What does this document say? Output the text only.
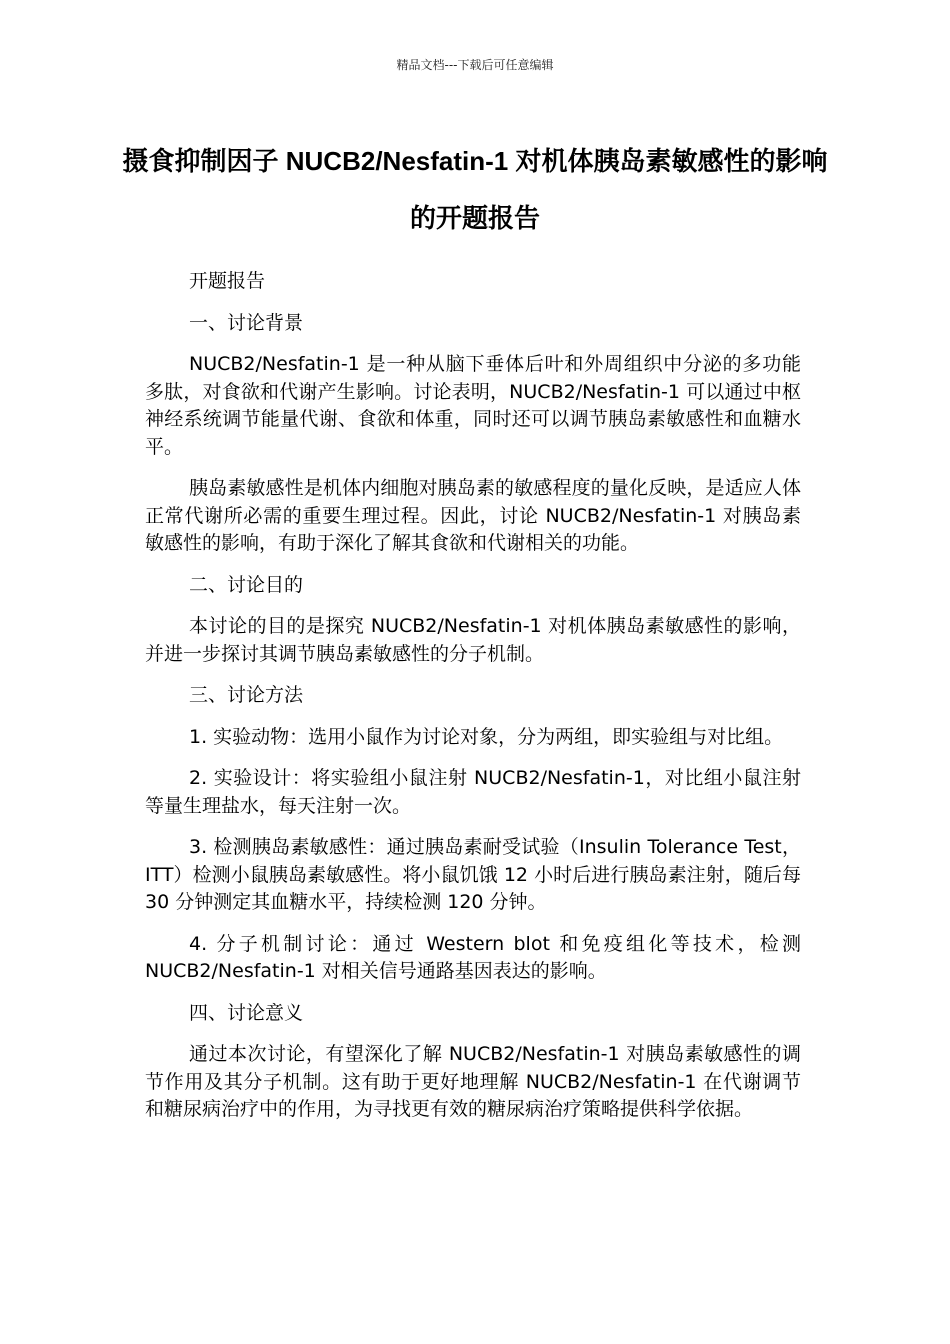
精品文档---下载后可任意编辑
摄食抑制因子 NUCB2/Nesfatin-1 对机体胰岛素敏感性的影响的开题报告

开题报告

一、讨论背景

NUCB2/Nesfatin-1 是一种从脑下垂体后叶和外周组织中分泌的多功能多肽，对食欲和代谢产生影响。讨论表明，NUCB2/Nesfatin-1 可以通过中枢神经系统调节能量代谢、食欲和体重，同时还可以调节胰岛素敏感性和血糖水平。

胰岛素敏感性是机体内细胞对胰岛素的敏感程度的量化反映，是适应人体正常代谢所必需的重要生理过程。因此，讨论 NUCB2/Nesfatin-1 对胰岛素敏感性的影响，有助于深化了解其食欲和代谢相关的功能。

二、讨论目的

本讨论的目的是探究 NUCB2/Nesfatin-1 对机体胰岛素敏感性的影响，并进一步探讨其调节胰岛素敏感性的分子机制。

三、讨论方法

1. 实验动物：选用小鼠作为讨论对象，分为两组，即实验组与对比组。

2. 实验设计：将实验组小鼠注射 NUCB2/Nesfatin-1，对比组小鼠注射等量生理盐水，每天注射一次。

3. 检测胰岛素敏感性：通过胰岛素耐受试验（Insulin Tolerance Test，ITT）检测小鼠胰岛素敏感性。将小鼠饥饿 12 小时后进行胰岛素注射，随后每 30 分钟测定其血糖水平，持续检测 120 分钟。

4. 分子机制讨论：通过 Western blot 和免疫组化等技术，检测 NUCB2/Nesfatin-1 对相关信号通路基因表达的影响。

四、讨论意义

通过本次讨论，有望深化了解 NUCB2/Nesfatin-1 对胰岛素敏感性的调节作用及其分子机制。这有助于更好地理解 NUCB2/Nesfatin-1 在代谢调节和糖尿病治疗中的作用，为寻找更有效的糖尿病治疗策略提供科学依据。
